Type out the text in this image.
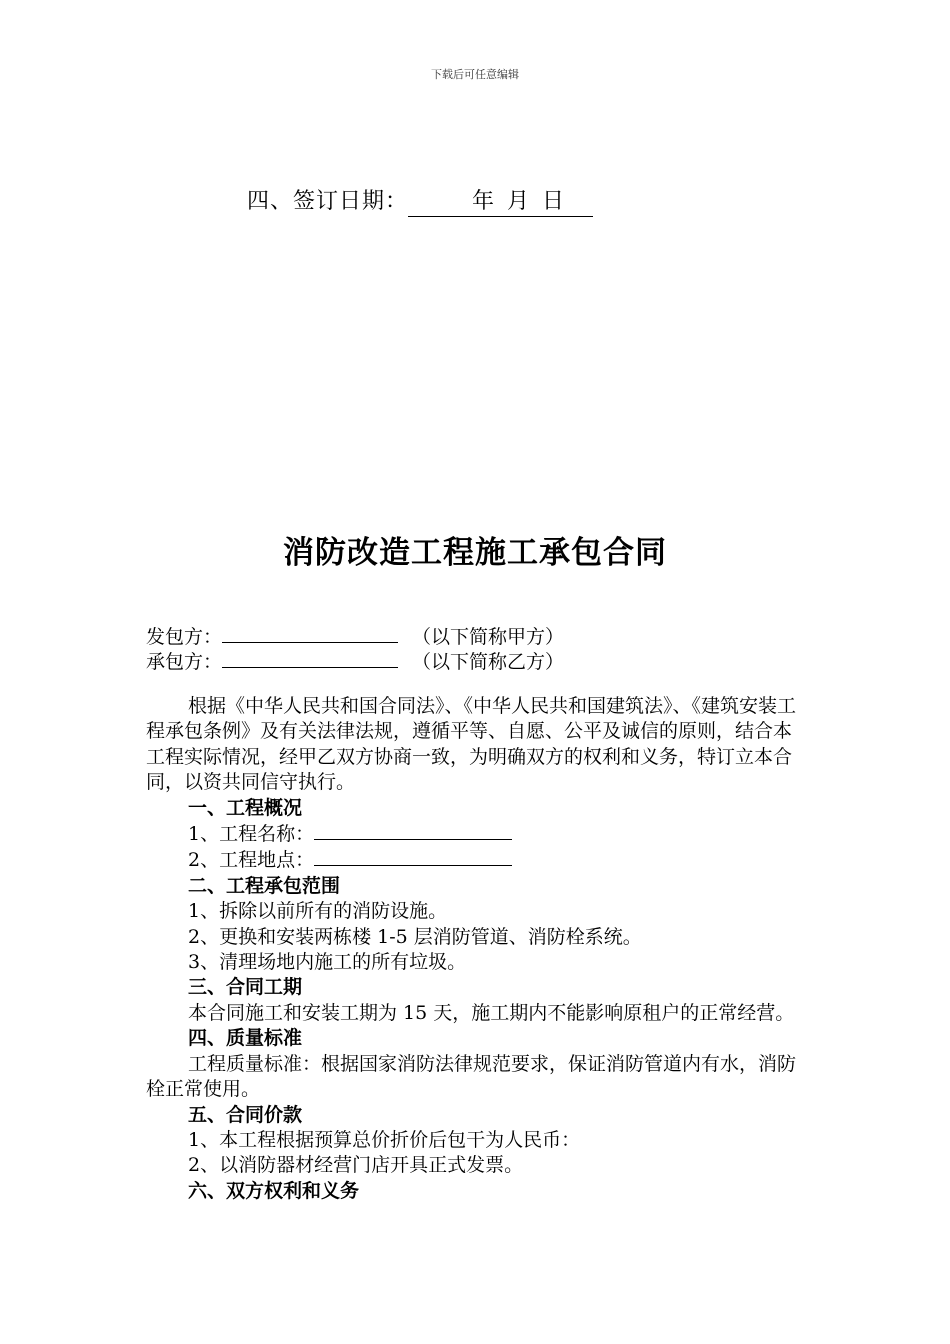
下载后可任意编辑
四、签订日期：	年 月 日
消防改造工程施工承包合同
发包方：	（以下简称甲方）
承包方：	（以下简称乙方）

根据《中华人民共和国合同法》、《中华人民共和国建筑法》、《建筑安装工程承包条例》及有关法律法规，遵循平等、自愿、公平及诚信的原则，结合本工程实际情况，经甲乙双方协商一致，为明确双方的权利和义务，特订立本合同，以资共同信守执行。

一、工程概况

1、工程名称：

2、工程地点：

二、工程承包范围

1、拆除以前所有的消防设施。

2、更换和安装两栋楼 1-5 层消防管道、消防栓系统。

3、清理场地内施工的所有垃圾。

三、合同工期

本合同施工和安装工期为 15 天，施工期内不能影响原租户的正常经营。

四、质量标准

工程质量标准：根据国家消防法律规范要求，保证消防管道内有水，消防栓正常使用。

五、合同价款

1、本工程根据预算总价折价后包干为人民币：

2、以消防器材经营门店开具正式发票。

六、双方权利和义务
